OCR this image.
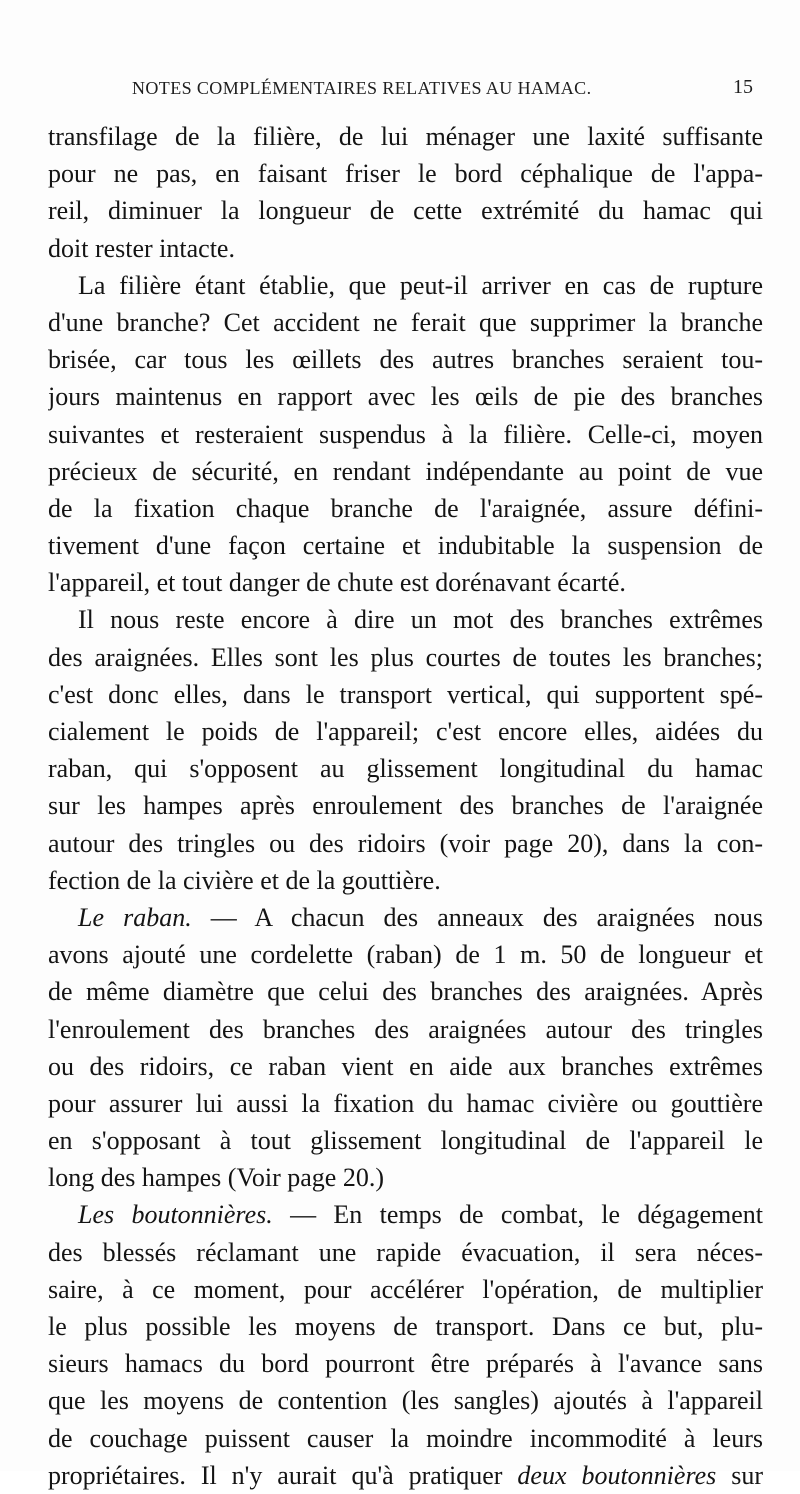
NOTES COMPLÉMENTAIRES RELATIVES AU HAMAC.	15
transfilage de la filière, de lui ménager une laxité suffisante
pour ne pas, en faisant friser le bord céphalique de l'appa-
reil, diminuer la longueur de cette extrémité du hamac qui
doit rester intacte.
La filière étant établie, que peut-il arriver en cas de rupture
d'une branche? Cet accident ne ferait que supprimer la branche
brisée, car tous les œillets des autres branches seraient tou-
jours maintenus en rapport avec les œils de pie des branches
suivantes et resteraient suspendus à la filière. Celle-ci, moyen
précieux de sécurité, en rendant indépendante au point de vue
de la fixation chaque branche de l'araignée, assure défini-
tivement d'une façon certaine et indubitable la suspension de
l'appareil, et tout danger de chute est dorénavant écarté.
Il nous reste encore à dire un mot des branches extrêmes
des araignées. Elles sont les plus courtes de toutes les branches;
c'est donc elles, dans le transport vertical, qui supportent spé-
cialement le poids de l'appareil; c'est encore elles, aidées du
raban, qui s'opposent au glissement longitudinal du hamac
sur les hampes après enroulement des branches de l'araignée
autour des tringles ou des ridoirs (voir page 20), dans la con-
fection de la civière et de la gouttière.
Le raban. — A chacun des anneaux des araignées nous
avons ajouté une cordelette (raban) de 1 m. 50 de longueur et
de même diamètre que celui des branches des araignées. Après
l'enroulement des branches des araignées autour des tringles
ou des ridoirs, ce raban vient en aide aux branches extrêmes
pour assurer lui aussi la fixation du hamac civière ou gouttière
en s'opposant à tout glissement longitudinal de l'appareil le
long des hampes (Voir page 20.)
Les boutonnières. — En temps de combat, le dégagement
des blessés réclamant une rapide évacuation, il sera néces-
saire, à ce moment, pour accélérer l'opération, de multiplier
le plus possible les moyens de transport. Dans ce but, plu-
sieurs hamacs du bord pourront être préparés à l'avance sans
que les moyens de contention (les sangles) ajoutés à l'appareil
de couchage puissent causer la moindre incommodité à leurs
propriétaires. Il n'y aurait qu'à pratiquer deux boutonnières sur
